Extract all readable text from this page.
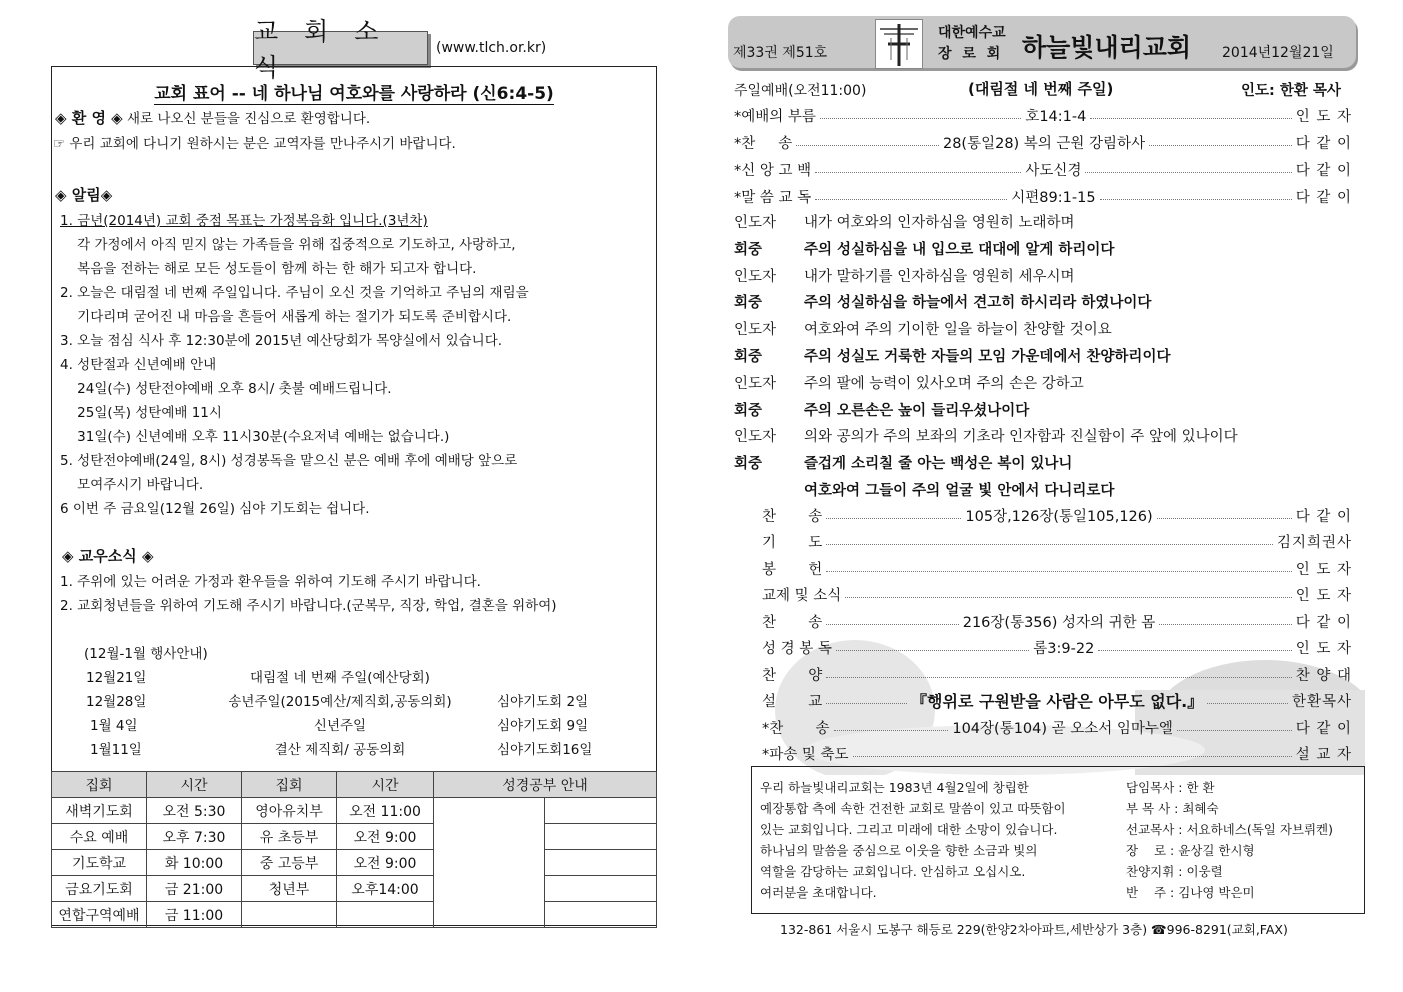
교 회 소 식
(www.tlch.or.kr)
교회 표어 -- 네 하나님 여호와를 사랑하라 (신6:4-5)
◈ 환 영 ◈ 새로 나오신 분들을 진심으로 환영합니다.
☞ 우리 교회에 다니기 원하시는 분은 교역자를 만나주시기 바랍니다.
◈ 알림◈
1. 금년(2014년) 교회 중점 목표는 가정복음화 입니다.(3년차)
각 가정에서 아직 믿지 않는 가족들을 위해 집중적으로 기도하고, 사랑하고,
복음을 전하는 해로 모든 성도들이 함께 하는 한 해가 되고자 합니다.
2. 오늘은 대림절 네 번째 주일입니다. 주님이 오신 것을 기억하고 주님의 재림을
기다리며 굳어진 내 마음을 흔들어 새롭게 하는 절기가 되도록 준비합시다.
3. 오늘 점심 식사 후 12:30분에 2015년 예산당회가 목양실에서 있습니다.
4. 성탄절과 신년예배 안내
24일(수) 성탄전야예배 오후 8시/ 촛불 예배드립니다.
25일(목) 성탄예배 11시
31일(수) 신년예배 오후 11시30분(수요저녁 예배는 없습니다.)
5. 성탄전야예배(24일, 8시) 성경봉독을 맡으신 분은 예배 후에 예배당 앞으로
모여주시기 바랍니다.
6 이번 주 금요일(12월 26일) 심야 기도회는 쉽니다.
◈ 교우소식 ◈
1. 주위에 있는 어려운 가정과 환우들을 위하여 기도해 주시기 바랍니다.
2. 교회청년들을 위하여 기도해 주시기 바랍니다.(군복무, 직장, 학업, 결혼을 위하여)
(12월-1월 행사안내)
12월21일	대림절 네 번째 주일(예산당회)
12월28일	송년주일(2015예산/제직회,공동의회)	심야기도회 2일
1월 4일	신년주일	심야기도회 9일
1월11일	결산 제직회/ 공동의회	심야기도회16일
집회	시간	집회	시간	성경공부 안내	
새벽기도회	오전 5:30	영아유치부	오전 11:00		
수요 예배	오후 7:30	유 초등부	오전 9:00		
기도학교	화 10:00	중 고등부	오전 9:00		
금요기도회	금 21:00	청년부	오후14:00		
연합구역예배	금 11:00				
제33권 제51호
대한예수교
장 로 회 하늘빛내리교회 2014년12월21일
주일예배(오전11:00)	(대림절 네 번째 주일)	인도: 한환 목사
*예배의 부름	호14:1-4	인 도 자
*찬     송	28(통일28) 복의 근원 강림하사	다 같 이
*신 앙 고 백	사도신경	다 같 이
*말 씀 교 독	시편89:1-15	다 같 이
인도자 내가 여호와의 인자하심을 영원히 노래하며
회중	주의 성실하심을 내 입으로 대대에 알게 하리이다
인도자 내가 말하기를 인자하심을 영원히 세우시며
회중	주의 성실하심을 하늘에서 견고히 하시리라 하였나이다
인도자 여호와여 주의 기이한 일을 하늘이 찬양할 것이요
회중	주의 성실도 거룩한 자들의 모임 가운데에서 찬양하리이다
인도자 주의 팔에 능력이 있사오며 주의 손은 강하고
회중	주의 오른손은 높이 들리우셨나이다
인도자 의와 공의가 주의 보좌의 기초라 인자함과 진실함이 주 앞에 있나이다
회중	즐겁게 소리칠 줄 아는 백성은 복이 있나니
여호와여 그들이 주의 얼굴 빛 안에서 다니리로다
찬       송	105장,126장(통일105,126)	다 같 이
기       도	김지희권사
봉       헌	인 도 자
교제 및 소식	인 도 자
찬       송	216장(통356) 성자의 귀한 몸	다 같 이
성 경 봉 독	롬3:9-22	인 도 자
찬       양	찬 양 대
설       교	『행위로 구원받을 사람은 아무도 없다.』	한환목사
*찬       송	104장(통104) 곧 오소서 임마누엘	다 같 이
*파송 및 축도	설 교 자
우리 하늘빛내리교회는 1983년 4월2일에 창립한
예장통합 측에 속한 건전한 교회로 말씀이 있고 따뜻함이
있는 교회입니다. 그리고 미래에 대한 소망이 있습니다.
하나님의 말씀을 중심으로 이웃을 향한 소금과 빛의
역할을 감당하는 교회입니다. 안심하고 오십시오.
여러분을 초대합니다.
담임목사 : 한 환
부 목 사 : 최혜숙
선교목사 : 서요하네스(독일 자브뤼켄)
장    로 : 윤상길 한시형
찬양지휘 : 이웅렬
반    주 : 김나영 박은미
132-861 서울시 도봉구 해등로 229(한양2차아파트,세반상가 3층) ☎996-8291(교회,FAX)
